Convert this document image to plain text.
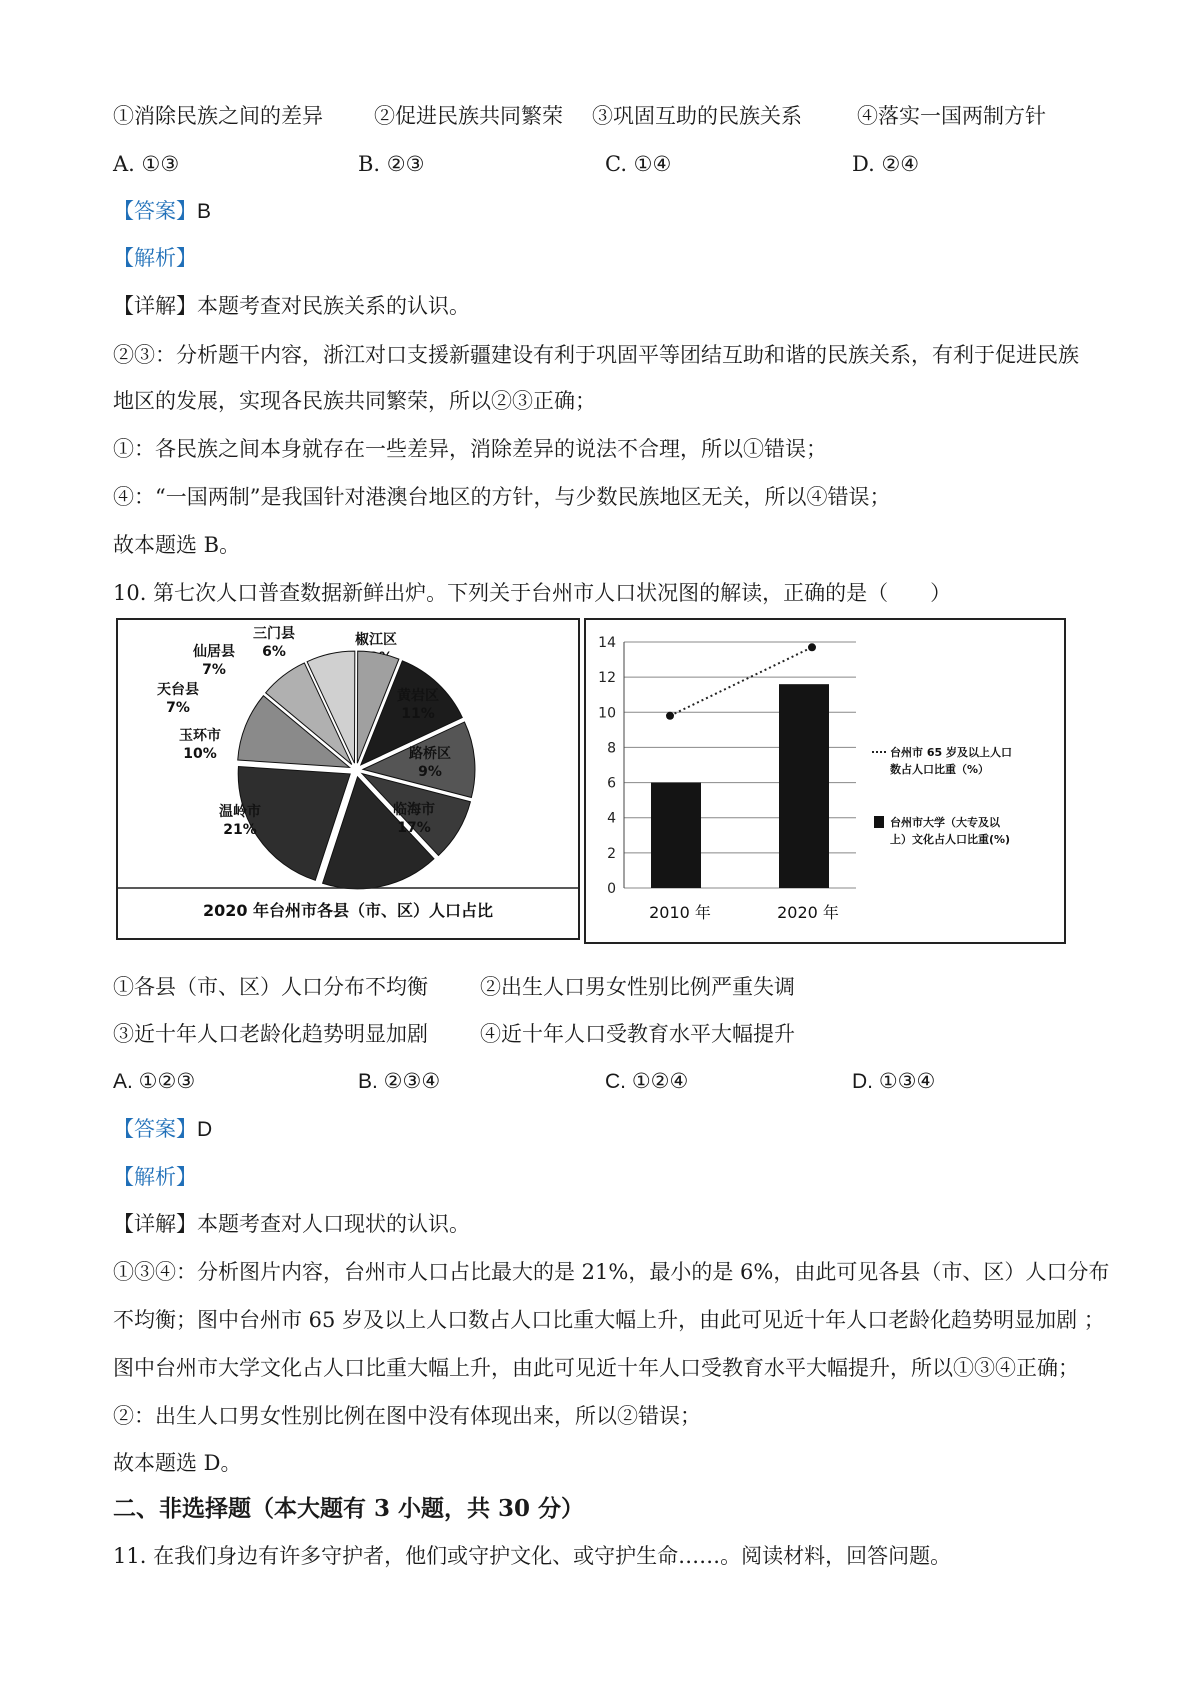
①消除民族之间的差异 ②促进民族共同繁荣 ③巩固互助的民族关系	④落实一国两制方针
A. ①③	B. ②③	C. ①④	D. ②④
【答案】B
【解析】
【详解】本题考查对民族关系的认识。
②③：分析题干内容，浙江对口支援新疆建设有利于巩固平等团结互助和谐的民族关系，有利于促进民族
地区的发展，实现各民族共同繁荣，所以②③正确；
①：各民族之间本身就存在一些差异，消除差异的说法不合理，所以①错误；
④：“一国两制”是我国针对港澳台地区的方针，与少数民族地区无关，所以④错误；
故本题选 B。
10. 第七次人口普查数据新鲜出炉。下列关于台州市人口状况图的解读，正确的是（　　）
椒江区
黄岩区
11%
路桥区
9%
临海市
17%
温岭市
21%
玉环市
10%
天台县
7%
仙居县
7%
三门县
6%
2020 年台州市各县（市、区）人口占比
0
2
4
6
8
10
12
14
2010 年	2020 年
台州市 65 岁及以上人口
数占人口比重（%）
台州市大学（大专及以
上）文化占人口比重(%)
①各县（市、区）人口分布不均衡 ②出生人口男女性别比例严重失调
③近十年人口老龄化趋势明显加剧 ④近十年人口受教育水平大幅提升
A. ①②③	B. ②③④	C. ①②④	D. ①③④
【答案】D
【解析】
【详解】本题考查对人口现状的认识。
①③④：分析图片内容，台州市人口占比最大的是 21%，最小的是 6%，由此可见各县（市、区）人口分布
不均衡；图中台州市 65 岁及以上人口数占人口比重大幅上升，由此可见近十年人口老龄化趋势明显加剧 ；
图中台州市大学文化占人口比重大幅上升，由此可见近十年人口受教育水平大幅提升，所以①③④正确；
②：出生人口男女性别比例在图中没有体现出来，所以②错误；
故本题选 D。
二、非选择题（本大题有 3 小题，共 30 分）
11. 在我们身边有许多守护者，他们或守护文化、或守护生命……。阅读材料，回答问题。
